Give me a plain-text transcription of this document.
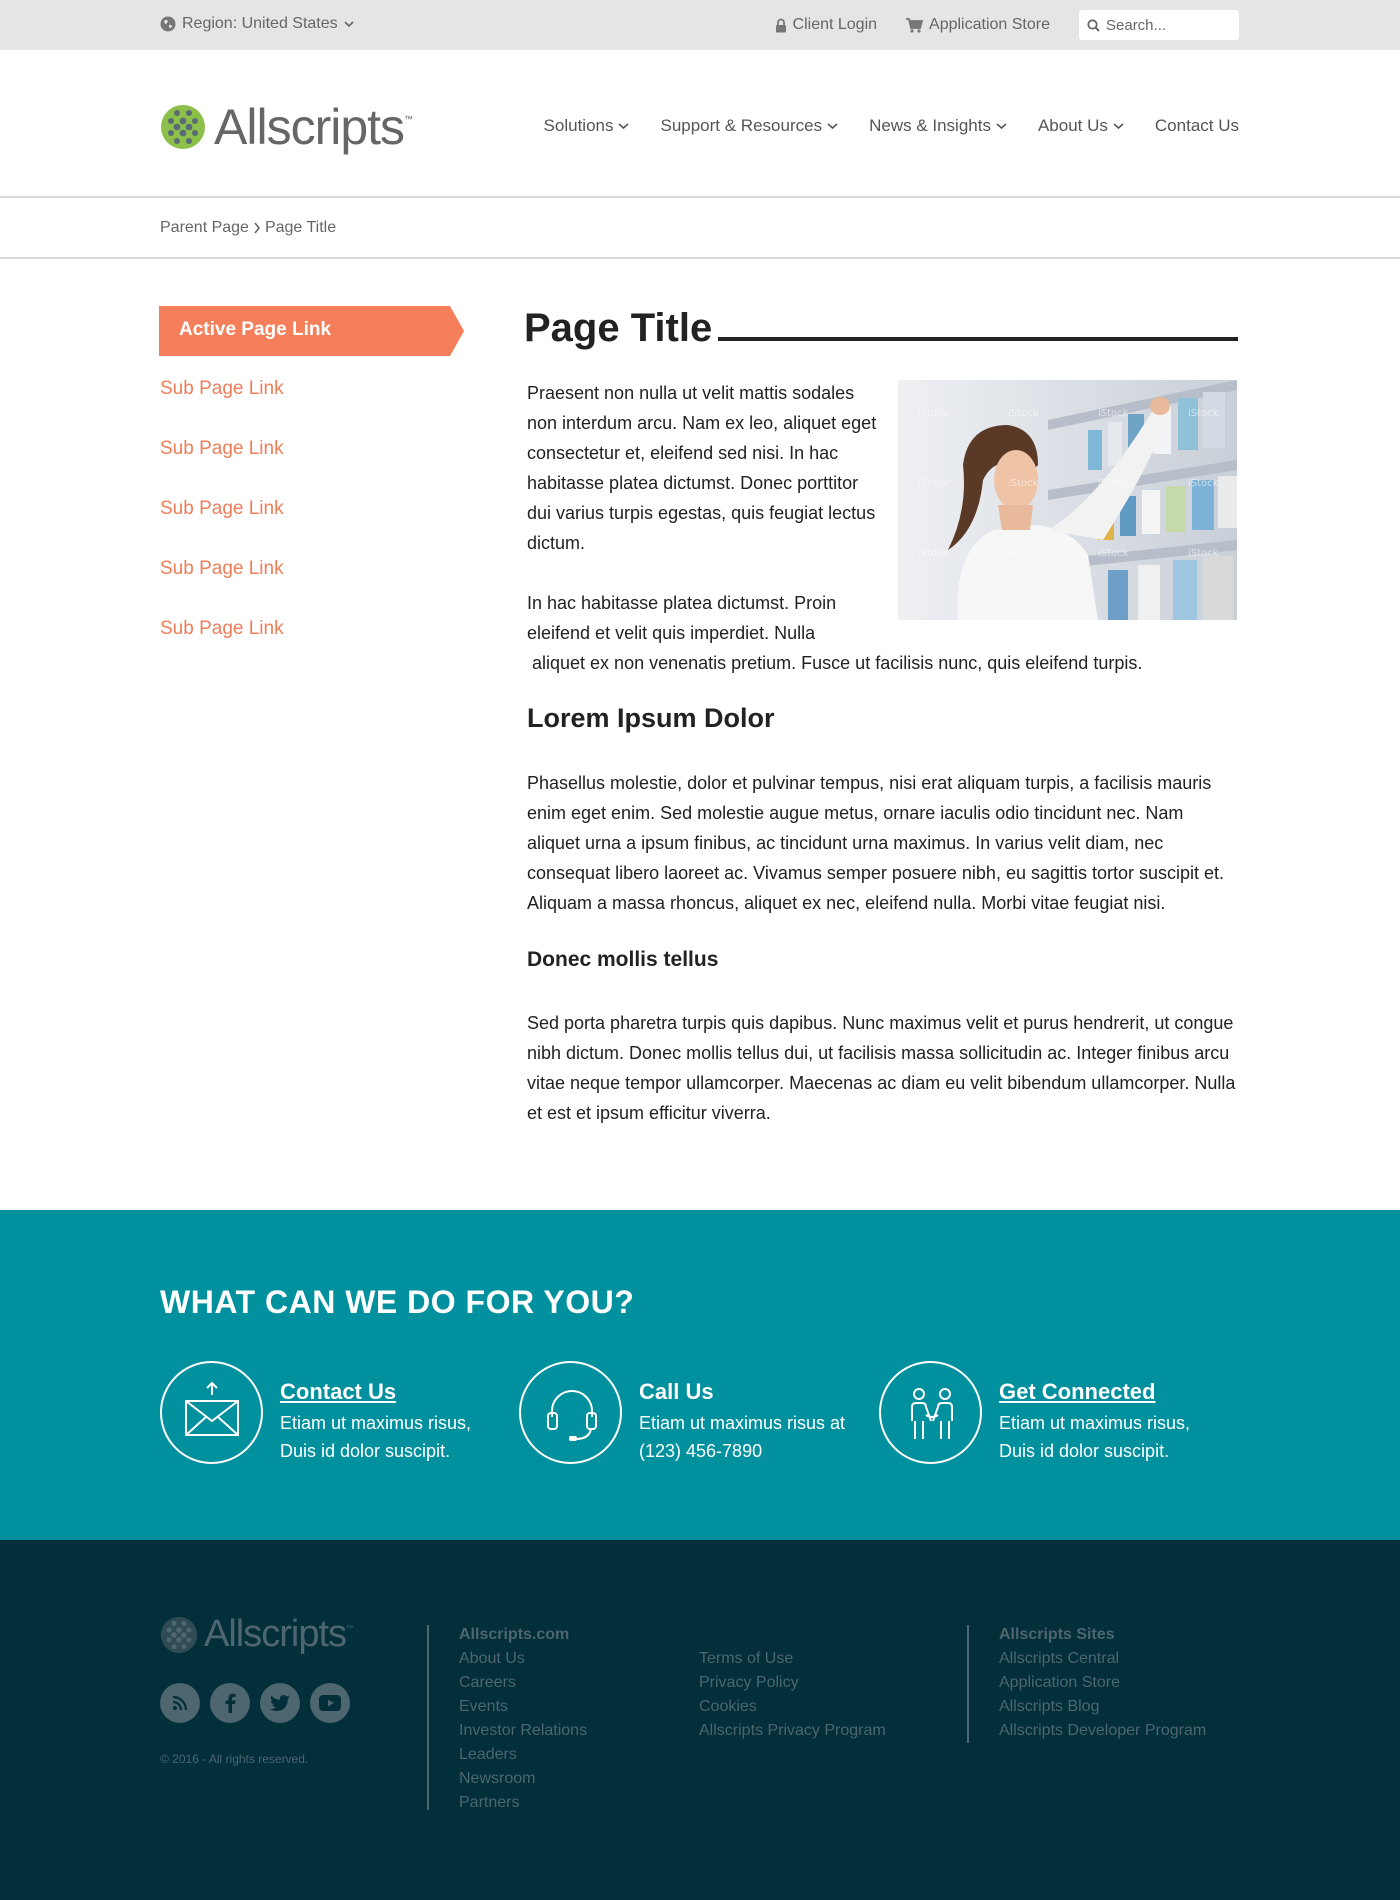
Region: United States	Client Login	Application Store
Search...
Allscripts ™	Solutions	Support & Resources	News & Insights	About Us	Contact Us
Parent Page Page Title
Active Page Link
Sub Page Link
Sub Page Link
Sub Page Link
Sub Page Link
Sub Page Link
Page Title

Praesent non nulla ut velit mattis sodales non interdum arcu. Nam ex leo, aliquet eget consectetur et, eleifend sed nisi. In hac habitasse platea dictumst. Donec porttitor dui varius turpis egestas, quis feugiat lectus dictum.

iStock	iStock	iStock	iStock
iStock	iStock	iStock	iStock
iStock	iStock	iStock	iStock
In hac habitasse platea dictumst. Proin
eleifend et velit quis imperdiet. Nulla
aliquet ex non venenatis pretium. Fusce ut facilisis nunc, quis eleifend turpis.
Lorem Ipsum Dolor

Phasellus molestie, dolor et pulvinar tempus, nisi erat aliquam turpis, a facilisis mauris enim eget enim. Sed molestie augue metus, ornare iaculis odio tincidunt nec. Nam aliquet urna a ipsum finibus, ac tincidunt urna maximus. In varius velit diam, nec consequat libero laoreet ac. Vivamus semper posuere nibh, eu sagittis tortor suscipit et. Aliquam a massa rhoncus, aliquet ex nec, eleifend nulla. Morbi vitae feugiat nisi.

Donec mollis tellus

Sed porta pharetra turpis quis dapibus. Nunc maximus velit et purus hendrerit, ut congue nibh dictum. Donec mollis tellus dui, ut facilisis massa sollicitudin ac. Integer finibus arcu vitae neque tempor ullamcorper. Maecenas ac diam eu velit bibendum ullamcorper. Nulla et est et ipsum efficitur viverra.

WHAT CAN WE DO FOR YOU?
Contact Us
Etiam ut maximus risus, Duis id dolor suscipit.
Call Us
Etiam ut maximus risus at (123) 456-7890
Get Connected
Etiam ut maximus risus, Duis id dolor suscipit.
Allscripts ™
© 2016 - All rights reserved.
Allscripts.com
About Us
Careers
Events
Investor Relations
Leaders
Newsroom
Partners
Terms of Use
Privacy Policy
Cookies
Allscripts Privacy Program
Allscripts Sites
Allscripts Central
Application Store
Allscripts Blog
Allscripts Developer Program
